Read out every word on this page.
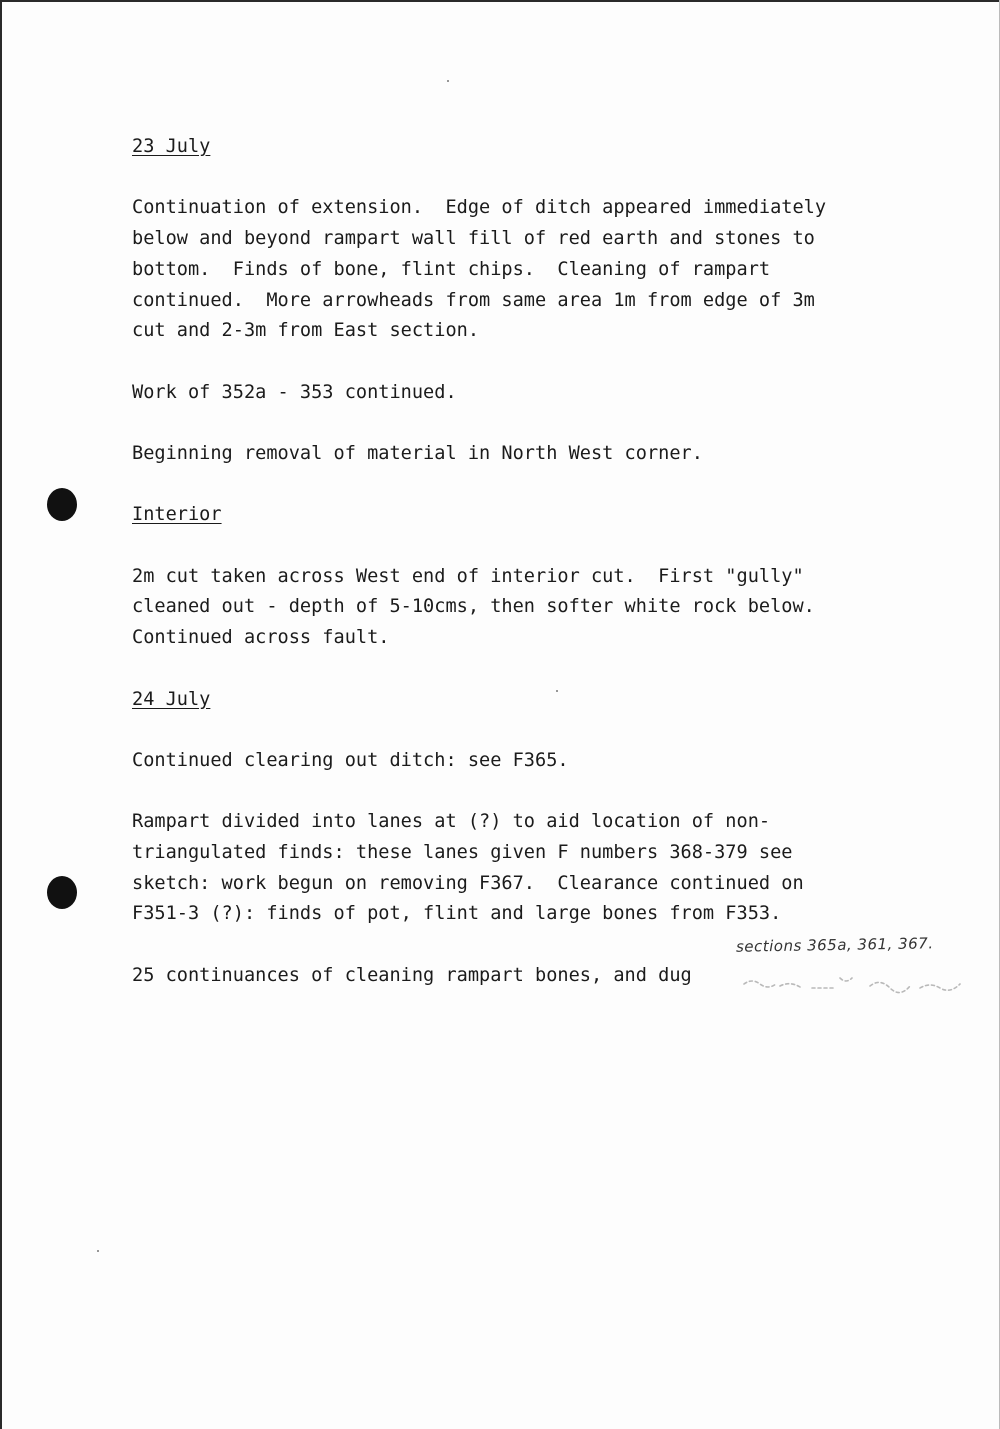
23 July

Continuation of extension.  Edge of ditch appeared immediately
below and beyond rampart wall fill of red earth and stones to
bottom.  Finds of bone, flint chips.  Cleaning of rampart
continued.  More arrowheads from same area 1m from edge of 3m
cut and 2-3m from East section.

Work of 352a - 353 continued.

Beginning removal of material in North West corner.

Interior

2m cut taken across West end of interior cut.  First "gully"
cleaned out - depth of 5-10cms, then softer white rock below.
Continued across fault.

24 July

Continued clearing out ditch: see F365.

Rampart divided into lanes at (?) to aid location of non-
triangulated finds: these lanes given F numbers 368-379 see
sketch: work begun on removing F367.  Clearance continued on
F351-3 (?): finds of pot, flint and large bones from F353.

25 continuances of cleaning rampart bones, and dug

sections 365a, 361, 367.
